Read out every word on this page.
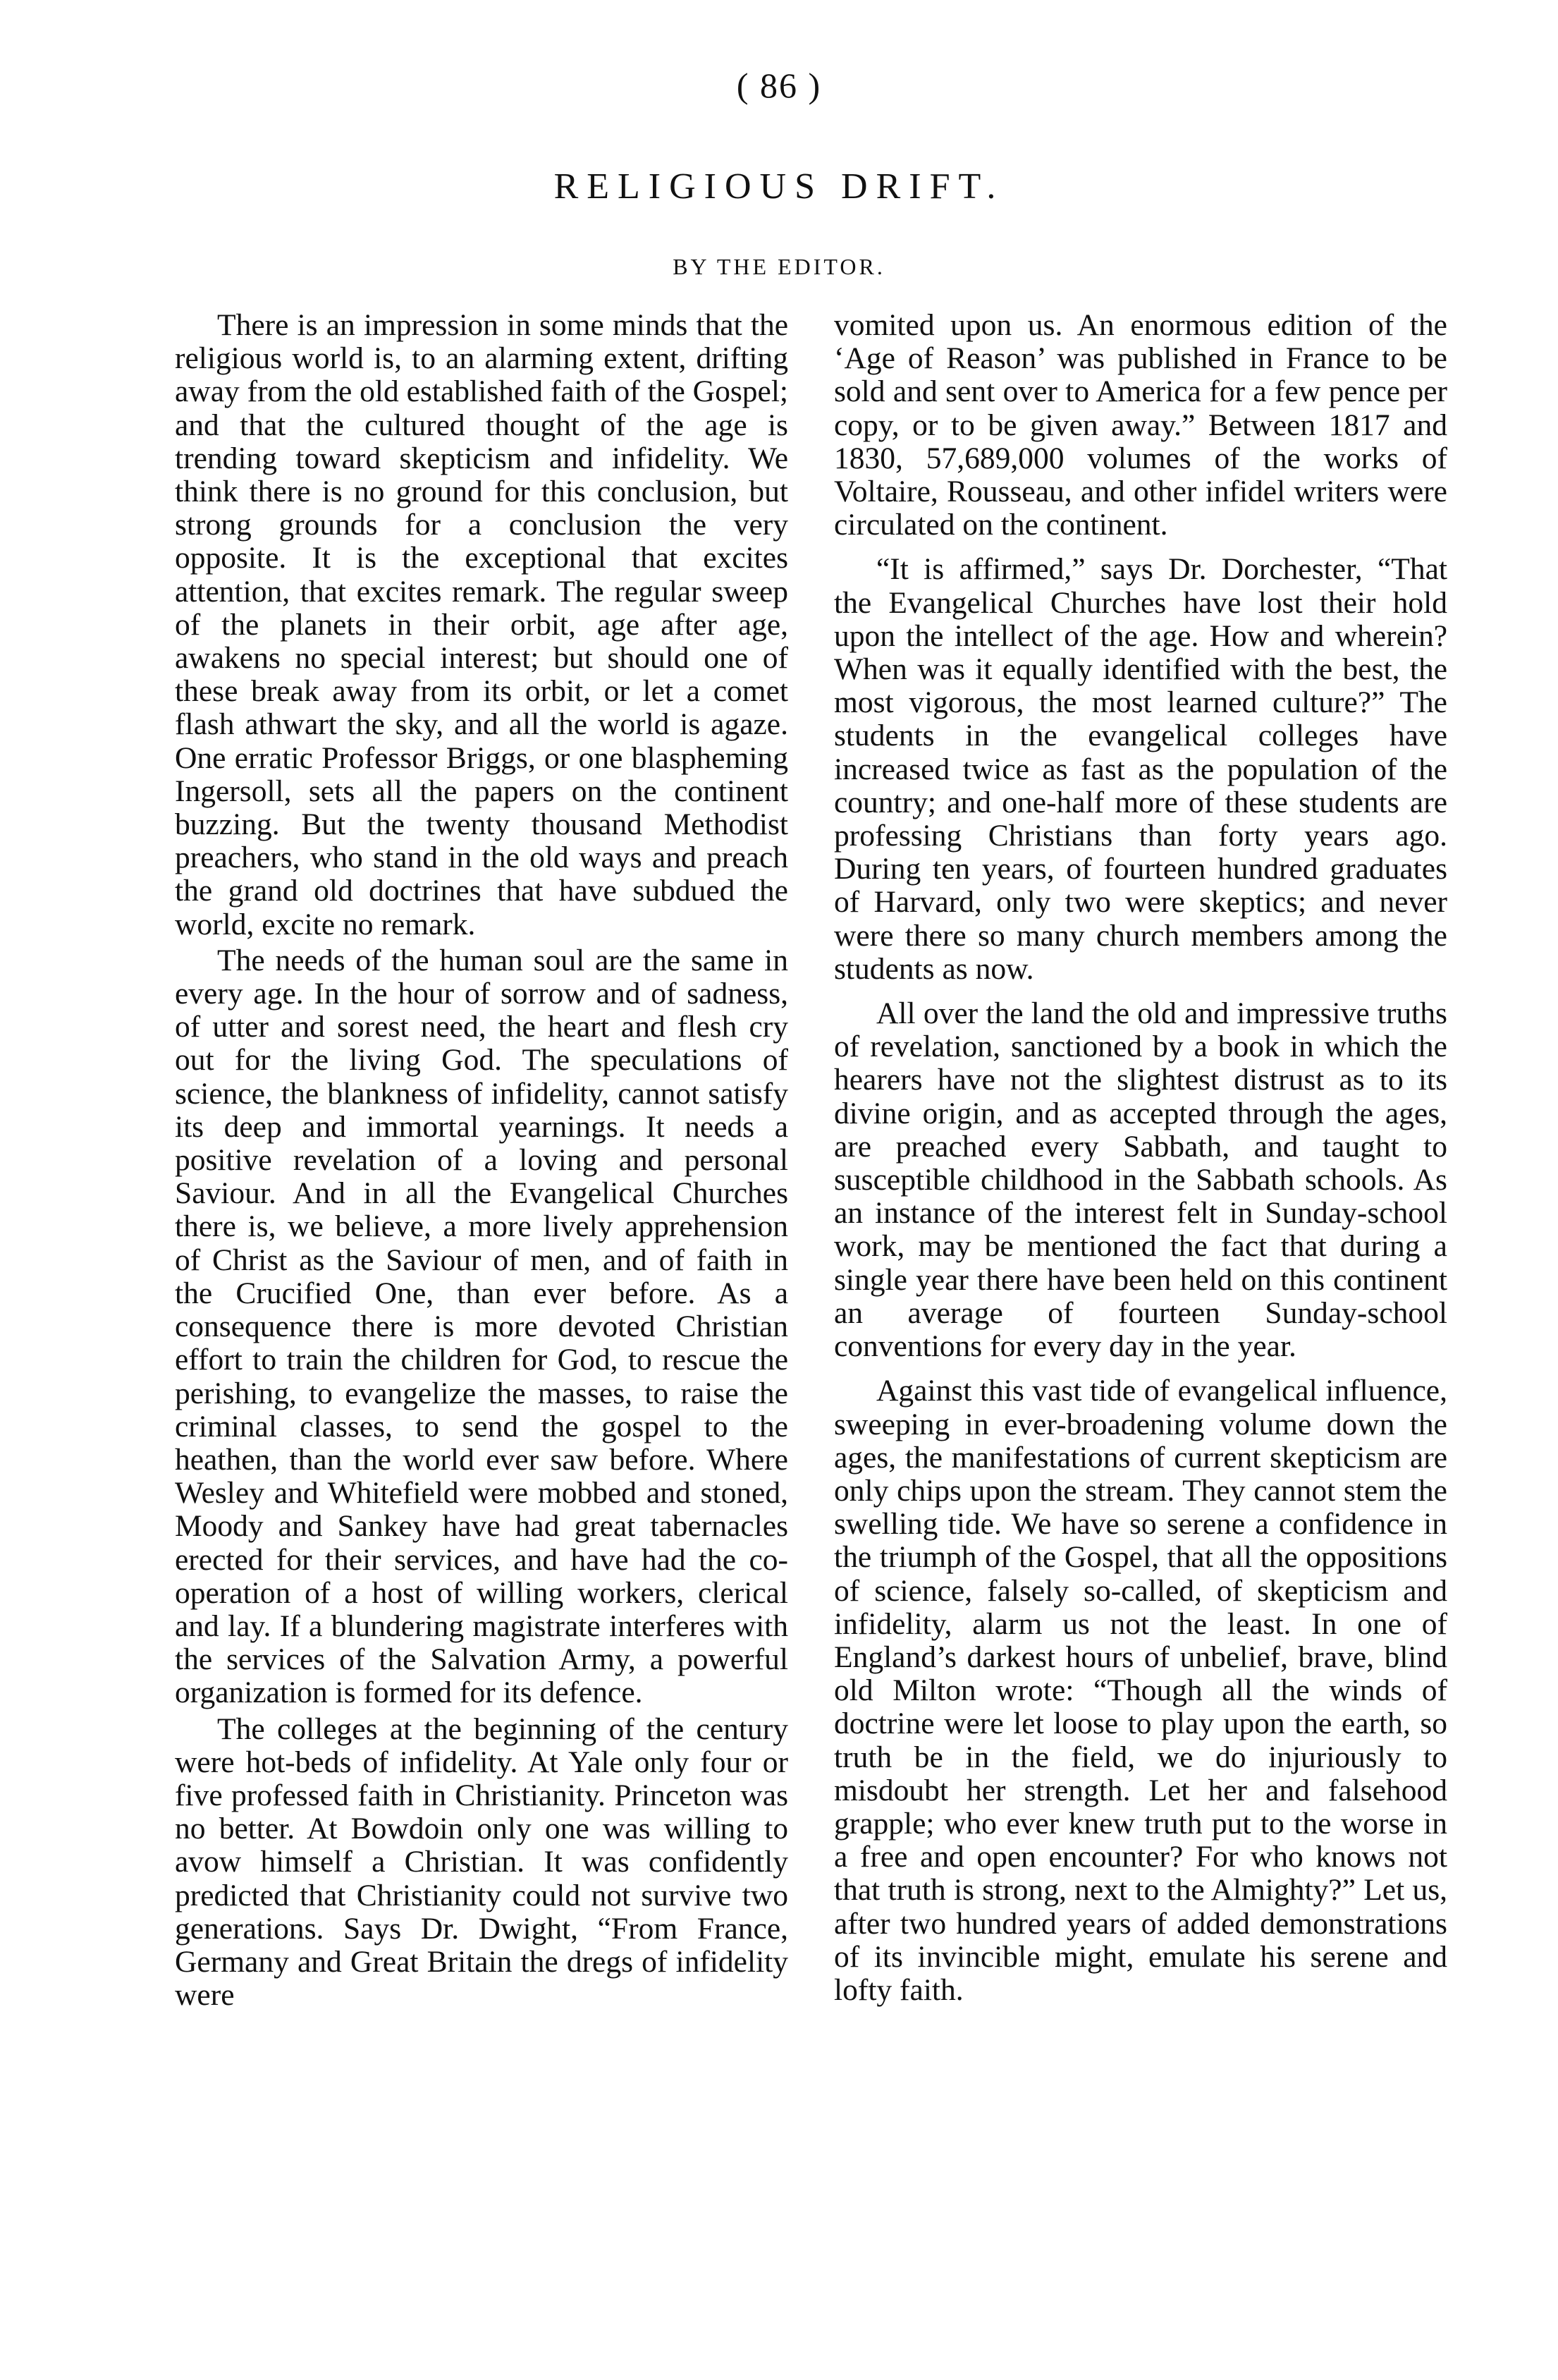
( 86 )
RELIGIOUS DRIFT.
BY THE EDITOR.

There is an impression in some minds that the religious world is, to an alarming extent, drifting away from the old established faith of the Gospel; and that the cultured thought of the age is trending toward skepticism and infidelity. We think there is no ground for this conclusion, but strong grounds for a conclusion the very opposite. It is the exceptional that excites attention, that excites remark. The regular sweep of the planets in their orbit, age after age, awakens no special interest; but should one of these break away from its orbit, or let a comet flash athwart the sky, and all the world is agaze. One erratic Professor Briggs, or one blaspheming Ingersoll, sets all the papers on the continent buzzing. But the twenty thousand Methodist preachers, who stand in the old ways and preach the grand old doctrines that have subdued the world, excite no remark.

The needs of the human soul are the same in every age. In the hour of sorrow and of sadness, of utter and sorest need, the heart and flesh cry out for the living God. The speculations of science, the blankness of infidelity, cannot satisfy its deep and immortal yearnings. It needs a positive revelation of a loving and personal Saviour. And in all the Evangelical Churches there is, we believe, a more lively apprehension of Christ as the Saviour of men, and of faith in the Crucified One, than ever before. As a consequence there is more devoted Christian effort to train the children for God, to rescue the perishing, to evangelize the masses, to raise the criminal classes, to send the gospel to the heathen, than the world ever saw before. Where Wesley and Whitefield were mobbed and stoned, Moody and Sankey have had great tabernacles erected for their services, and have had the co-operation of a host of willing workers, clerical and lay. If a blundering magistrate interferes with the services of the Salvation Army, a powerful organization is formed for its defence.

The colleges at the beginning of the century were hot-beds of infidelity. At Yale only four or five professed faith in Christianity. Princeton was no better. At Bowdoin only one was willing to avow himself a Christian. It was confidently predicted that Christianity could not survive two generations. Says Dr. Dwight, “From France, Germany and Great Britain the dregs of infidelity were

vomited upon us. An enormous edition of the ‘Age of Reason’ was published in France to be sold and sent over to America for a few pence per copy, or to be given away.” Between 1817 and 1830, 57,689,000 volumes of the works of Voltaire, Rousseau, and other infidel writers were circulated on the continent.

“It is affirmed,” says Dr. Dorchester, “That the Evangelical Churches have lost their hold upon the intellect of the age. How and wherein? When was it equally identified with the best, the most vigorous, the most learned culture?” The students in the evangelical colleges have increased twice as fast as the population of the country; and one-half more of these students are professing Christians than forty years ago. During ten years, of fourteen hundred graduates of Harvard, only two were skeptics; and never were there so many church members among the students as now.

All over the land the old and impressive truths of revelation, sanctioned by a book in which the hearers have not the slightest distrust as to its divine origin, and as accepted through the ages, are preached every Sabbath, and taught to susceptible childhood in the Sabbath schools. As an instance of the interest felt in Sunday-school work, may be mentioned the fact that during a single year there have been held on this continent an average of fourteen Sunday-school conventions for every day in the year.

Against this vast tide of evangelical influence, sweeping in ever-broadening volume down the ages, the manifestations of current skepticism are only chips upon the stream. They cannot stem the swelling tide. We have so serene a confidence in the triumph of the Gospel, that all the oppositions of science, falsely so-called, of skepticism and infidelity, alarm us not the least. In one of England’s darkest hours of unbelief, brave, blind old Milton wrote: “Though all the winds of doctrine were let loose to play upon the earth, so truth be in the field, we do injuriously to misdoubt her strength. Let her and falsehood grapple; who ever knew truth put to the worse in a free and open encounter? For who knows not that truth is strong, next to the Almighty?” Let us, after two hundred years of added demonstrations of its invincible might, emulate his serene and lofty faith.
